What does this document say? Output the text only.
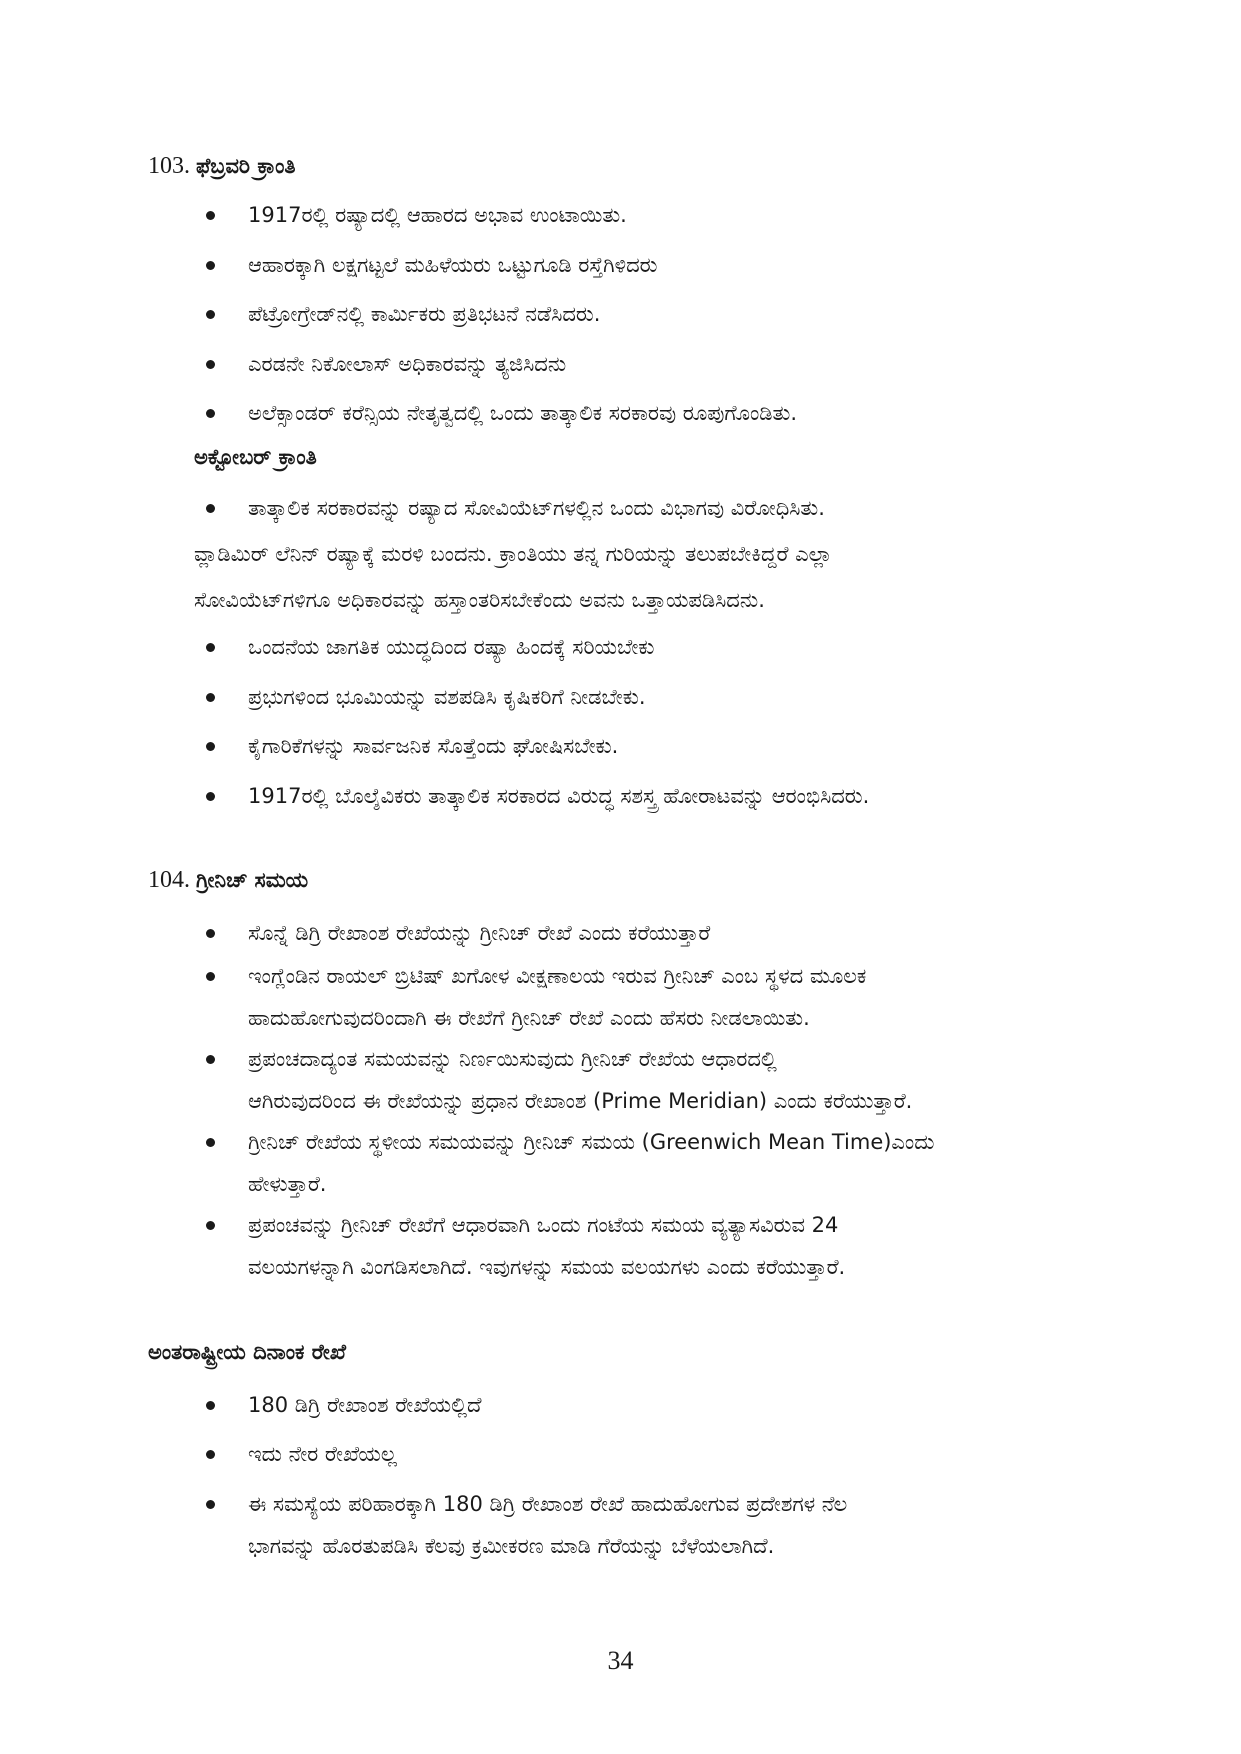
103. ಫೆಬ್ರವರಿ ಕ್ರಾಂತಿ
1917ರಲ್ಲಿ ರಷ್ಯಾದಲ್ಲಿ ಆಹಾರದ ಅಭಾವ ಉಂಟಾಯಿತು.
ಆಹಾರಕ್ಕಾಗಿ ಲಕ್ಷಗಟ್ಟಲೆ ಮಹಿಳೆಯರು ಒಟ್ಟುಗೂಡಿ ರಸ್ತೆಗಿಳಿದರು
ಪೆಟ್ರೋಗ್ರೇಡ್‌ನಲ್ಲಿ ಕಾರ್ಮಿಕರು ಪ್ರತಿಭಟನೆ ನಡೆಸಿದರು.
ಎರಡನೇ ನಿಕೋಲಾಸ್ ಅಧಿಕಾರವನ್ನು ತ್ಯಜಿಸಿದನು
ಅಲೆಕ್ಸಾಂಡರ್ ಕರೆನ್ಸಿಯ ನೇತೃತ್ವದಲ್ಲಿ ಒಂದು ತಾತ್ಕಾಲಿಕ ಸರಕಾರವು ರೂಪುಗೊಂಡಿತು.
ಅಕ್ಟೋಬರ್ ಕ್ರಾಂತಿ
ತಾತ್ಕಾಲಿಕ ಸರಕಾರವನ್ನು ರಷ್ಯಾದ ಸೋವಿಯೆಟ್‌ಗಳಲ್ಲಿನ ಒಂದು ವಿಭಾಗವು ವಿರೋಧಿಸಿತು.
ವ್ಲಾಡಿಮಿರ್ ಲೆನಿನ್ ರಷ್ಯಾಕ್ಕೆ ಮರಳಿ ಬಂದನು. ಕ್ರಾಂತಿಯು ತನ್ನ ಗುರಿಯನ್ನು ತಲುಪಬೇಕಿದ್ದರೆ ಎಲ್ಲಾ
ಸೋವಿಯೆಟ್‌ಗಳಿಗೂ ಅಧಿಕಾರವನ್ನು ಹಸ್ತಾಂತರಿಸಬೇಕೆಂದು ಅವನು ಒತ್ತಾಯಪಡಿಸಿದನು.
ಒಂದನೆಯ ಜಾಗತಿಕ ಯುದ್ಧದಿಂದ ರಷ್ಯಾ ಹಿಂದಕ್ಕೆ ಸರಿಯಬೇಕು
ಪ್ರಭುಗಳಿಂದ ಭೂಮಿಯನ್ನು ವಶಪಡಿಸಿ ಕೃಷಿಕರಿಗೆ ನೀಡಬೇಕು.
ಕೈಗಾರಿಕೆಗಳನ್ನು ಸಾರ್ವಜನಿಕ ಸೊತ್ತೆಂದು ಘೋಷಿಸಬೇಕು.
1917ರಲ್ಲಿ ಬೊಲ್ಶೆವಿಕರು ತಾತ್ಕಾಲಿಕ ಸರಕಾರದ ವಿರುದ್ಧ ಸಶಸ್ತ್ರ ಹೋರಾಟವನ್ನು ಆರಂಭಿಸಿದರು.
104. ಗ್ರೀನಿಚ್ ಸಮಯ
ಸೊನ್ನೆ ಡಿಗ್ರಿ ರೇಖಾಂಶ ರೇಖೆಯನ್ನು ಗ್ರೀನಿಚ್ ರೇಖೆ ಎಂದು ಕರೆಯುತ್ತಾರೆ
ಇಂಗ್ಲೆಂಡಿನ ರಾಯಲ್ ಬ್ರಿಟಿಷ್ ಖಗೋಳ ವೀಕ್ಷಣಾಲಯ ಇರುವ ಗ್ರೀನಿಚ್ ಎಂಬ ಸ್ಥಳದ ಮೂಲಕ
ಹಾದುಹೋಗುವುದರಿಂದಾಗಿ ಈ ರೇಖೆಗೆ ಗ್ರೀನಿಚ್ ರೇಖೆ ಎಂದು ಹೆಸರು ನೀಡಲಾಯಿತು.
ಪ್ರಪಂಚದಾದ್ಯಂತ ಸಮಯವನ್ನು ನಿರ್ಣಯಿಸುವುದು ಗ್ರೀನಿಚ್ ರೇಖೆಯ ಆಧಾರದಲ್ಲಿ
ಆಗಿರುವುದರಿಂದ ಈ ರೇಖೆಯನ್ನು ಪ್ರಧಾನ ರೇಖಾಂಶ (Prime Meridian) ಎಂದು ಕರೆಯುತ್ತಾರೆ.
ಗ್ರೀನಿಚ್ ರೇಖೆಯ ಸ್ಥಳೀಯ ಸಮಯವನ್ನು ಗ್ರೀನಿಚ್ ಸಮಯ (Greenwich Mean Time)ಎಂದು
ಹೇಳುತ್ತಾರೆ.
ಪ್ರಪಂಚವನ್ನು ಗ್ರೀನಿಚ್ ರೇಖೆಗೆ ಆಧಾರವಾಗಿ ಒಂದು ಗಂಟೆಯ ಸಮಯ ವ್ಯತ್ಯಾಸವಿರುವ 24
ವಲಯಗಳನ್ನಾಗಿ ವಿಂಗಡಿಸಲಾಗಿದೆ. ಇವುಗಳನ್ನು ಸಮಯ ವಲಯಗಳು ಎಂದು ಕರೆಯುತ್ತಾರೆ.
ಅಂತರಾಷ್ಟ್ರೀಯ ದಿನಾಂಕ ರೇಖೆ
180 ಡಿಗ್ರಿ ರೇಖಾಂಶ ರೇಖೆಯಲ್ಲಿದೆ
ಇದು ನೇರ ರೇಖೆಯಲ್ಲ
ಈ ಸಮಸ್ಯೆಯ ಪರಿಹಾರಕ್ಕಾಗಿ 180 ಡಿಗ್ರಿ ರೇಖಾಂಶ ರೇಖೆ ಹಾದುಹೋಗುವ ಪ್ರದೇಶಗಳ ನೆಲ
ಭಾಗವನ್ನು ಹೊರತುಪಡಿಸಿ ಕೆಲವು ಕ್ರಮೀಕರಣ ಮಾಡಿ ಗೆರೆಯನ್ನು ಬೆಳೆಯಲಾಗಿದೆ.
34
